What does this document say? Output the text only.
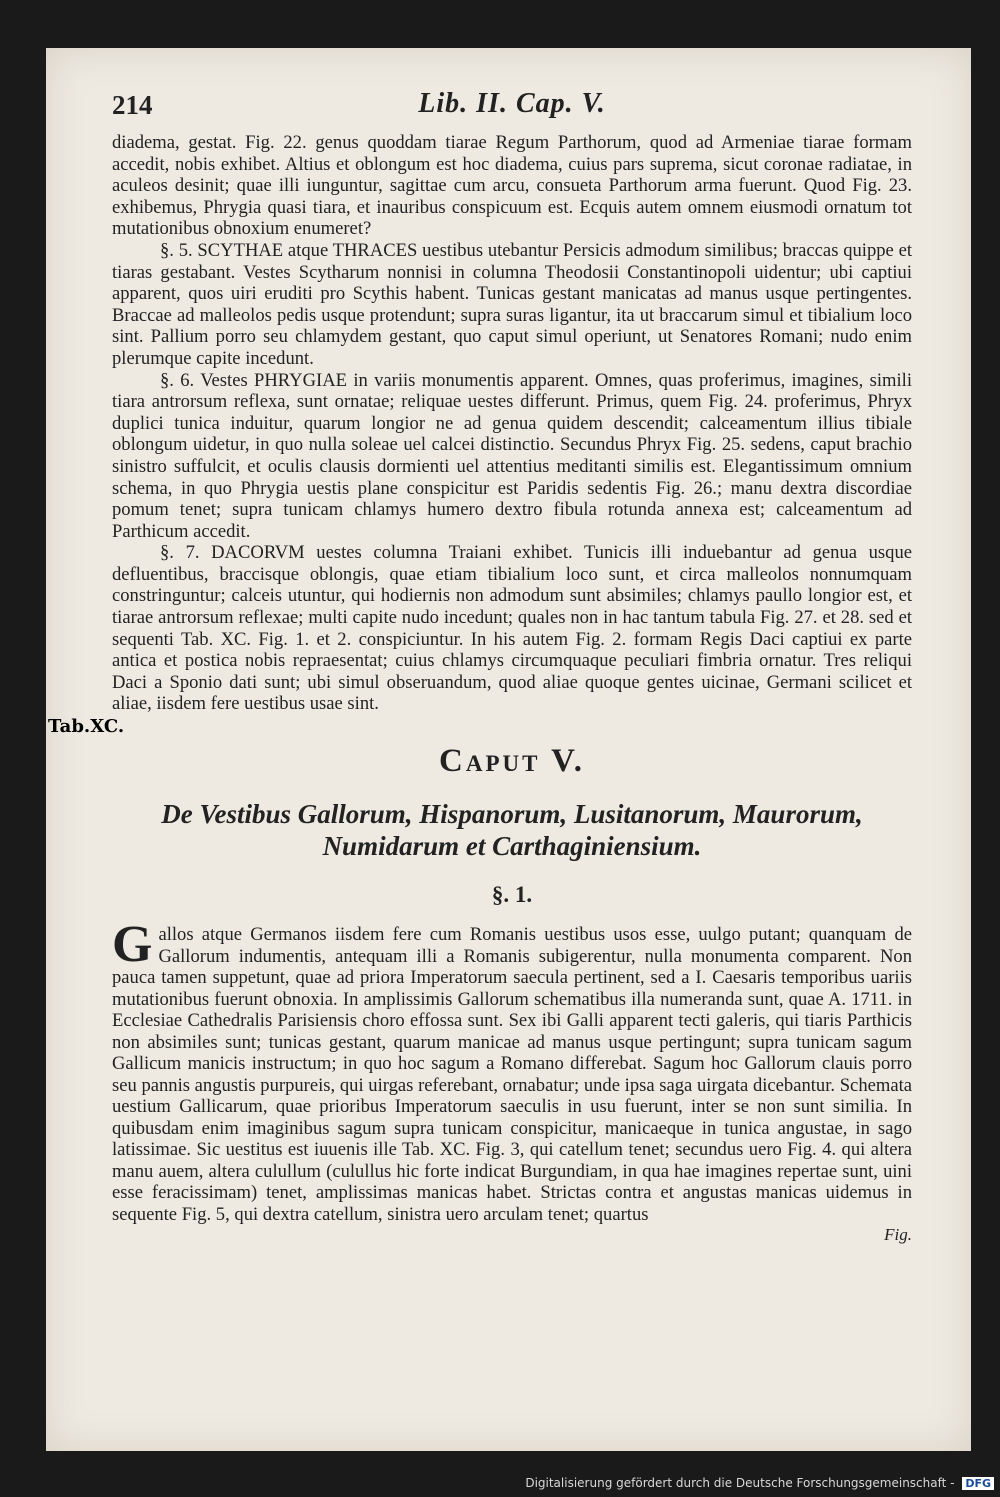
214	Lib. II. Cap. V.

diadema, gestat. Fig. 22. genus quoddam tiarae Regum Parthorum, quod ad Armeniae tiarae formam accedit, nobis exhibet. Altius et oblongum est hoc diadema, cuius pars suprema, sicut coronae radiatae, in aculeos desinit; quae illi iunguntur, sagittae cum arcu, consueta Parthorum arma fuerunt. Quod Fig. 23. exhibemus, Phrygia quasi tiara, et inauribus conspicuum est. Ecquis autem omnem eiusmodi ornatum tot mutationibus obnoxium enumeret?

§. 5. SCYTHAE atque THRACES uestibus utebantur Persicis admodum similibus; braccas quippe et tiaras gestabant. Vestes Scytharum nonnisi in columna Theodosii Constantinopoli uidentur; ubi captiui apparent, quos uiri eruditi pro Scythis habent. Tunicas gestant manicatas ad manus usque pertingentes. Braccae ad malleolos pedis usque protendunt; supra suras ligantur, ita ut braccarum simul et tibialium loco sint. Pallium porro seu chlamydem gestant, quo caput simul operiunt, ut Senatores Romani; nudo enim plerumque capite incedunt.

§. 6. Vestes PHRYGIAE in variis monumentis apparent. Omnes, quas proferimus, imagines, simili tiara antrorsum reflexa, sunt ornatae; reliquae uestes differunt. Primus, quem Fig. 24. proferimus, Phryx duplici tunica induitur, quarum longior ne ad genua quidem descendit; calceamentum illius tibiale oblongum uidetur, in quo nulla soleae uel calcei distinctio. Secundus Phryx Fig. 25. sedens, caput brachio sinistro suffulcit, et oculis clausis dormienti uel attentius meditanti similis est. Elegantissimum omnium schema, in quo Phrygia uestis plane conspicitur est Paridis sedentis Fig. 26.; manu dextra discordiae pomum tenet; supra tunicam chlamys humero dextro fibula rotunda annexa est; calceamentum ad Parthicum accedit.

§. 7. DACORVM uestes columna Traiani exhibet. Tunicis illi induebantur ad genua usque defluentibus, braccisque oblongis, quae etiam tibialium loco sunt, et circa malleolos nonnumquam constringuntur; calceis utuntur, qui hodiernis non admodum sunt absimiles; chlamys paullo longior est, et tiarae antrorsum reflexae; multi capite nudo incedunt; quales non in hac tantum tabula Fig. 27. et 28. sed et sequenti Tab. XC. Fig. 1. et 2. conspiciuntur. In his autem Fig. 2. formam Regis Daci captiui ex parte antica et postica nobis repraesentat; cuius chlamys circumquaque peculiari fimbria ornatur. Tres reliqui Daci a Sponio dati sunt; ubi simul obseruandum, quod aliae quoque gentes uicinae, Germani scilicet et aliae, iisdem fere uestibus usae sint.

Caput V.
De Vestibus Gallorum, Hispanorum, Lusitanorum, Maurorum, Numidarum et Carthaginiensium.
§. 1.

Gallos atque Germanos iisdem fere cum Romanis uestibus usos esse, uulgo putant; quanquam de Gallorum indumentis, antequam illi a Romanis subigerentur, nulla monumenta comparent. Non pauca tamen suppetunt, quae ad priora Imperatorum saecula pertinent, sed a I. Caesaris temporibus uariis mutationibus fuerunt obnoxia. In amplissimis Gallorum schematibus illa numeranda sunt, quae A. 1711. in Ecclesiae Cathedralis Parisiensis choro effossa sunt. Sex ibi Galli apparent tecti galeris, qui tiaris Parthicis non absimiles sunt; tunicas gestant, quarum manicae ad manus usque pertingunt; supra tunicam sagum Gallicum manicis instructum; in quo hoc sagum a Romano differebat. Sagum hoc Gallorum clauis porro seu pannis angustis purpureis, qui uirgas referebant, ornabatur; unde ipsa saga uirgata dicebantur. Schemata uestium Gallicarum, quae prioribus Imperatorum saeculis in usu fuerunt, inter se non sunt similia. In quibusdam enim imaginibus sagum supra tunicam conspicitur, manicaeque in tunica angustae, in sago latissimae. Sic uestitus est iuuenis ille Tab. XC. Fig. 3, qui catellum tenet; secundus uero Fig. 4. qui altera manu auem, altera culullum (culullus hic forte indicat Burgundiam, in qua hae imagines repertae sunt, uini esse feracissimam) tenet, amplissimas manicas habet. Strictas contra et angustas manicas uidemus in sequente Fig. 5, qui dextra catellum, sinistra uero arculam tenet; quartus

Fig.
Tab.XC.
Digitalisierung gefördert durch die Deutsche Forschungsgemeinschaft - DFG
